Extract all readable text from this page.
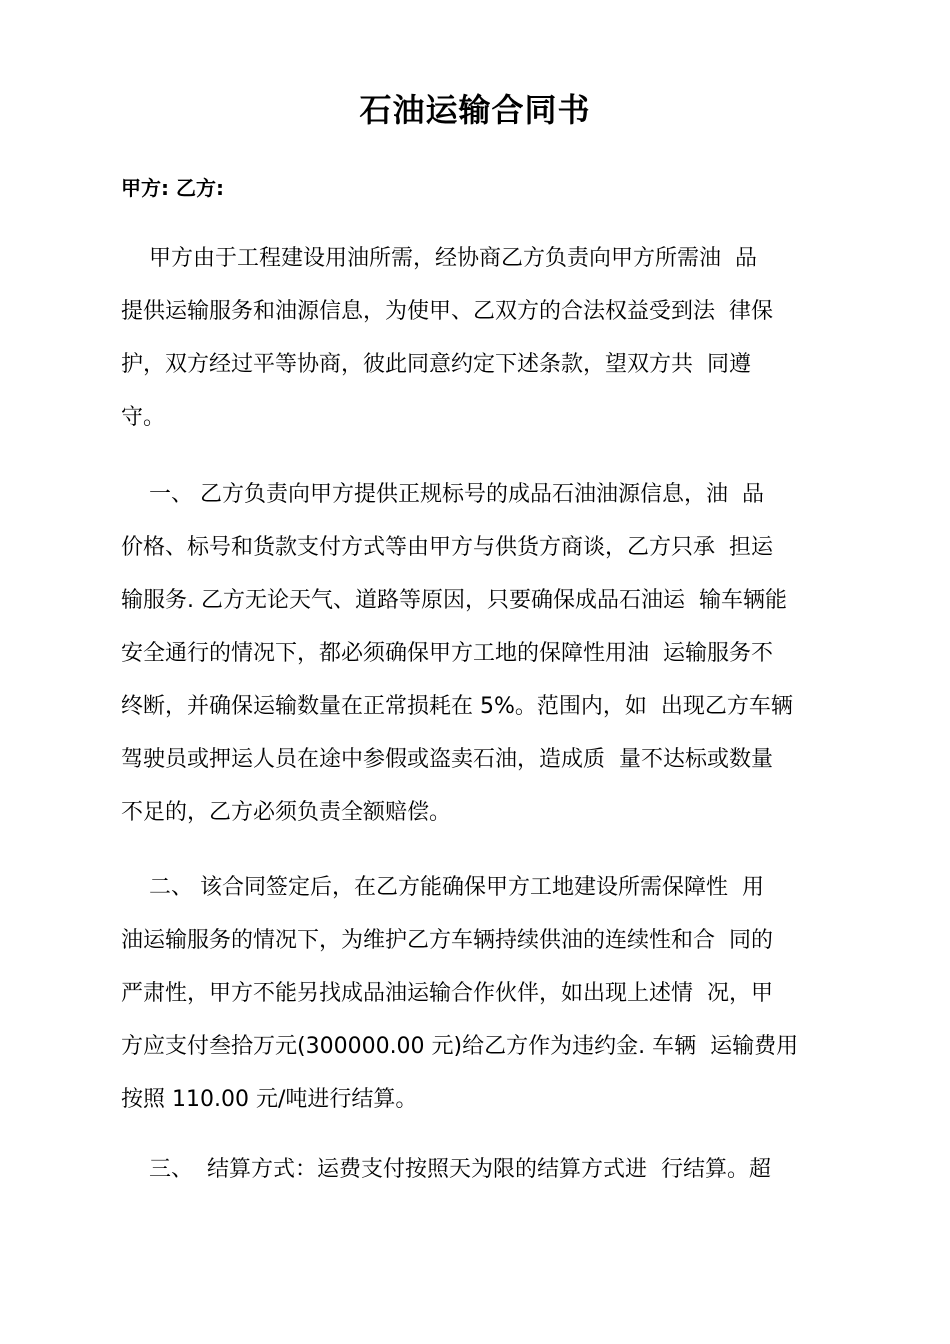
石油运输合同书
甲方: 乙方:
甲方由于工程建设用油所需，经协商乙方负责向甲方所需油  品
提供运输服务和油源信息，为使甲、乙双方的合法权益受到法  律保
护，双方经过平等协商，彼此同意约定下述条款，望双方共  同遵
守。
一、 乙方负责向甲方提供正规标号的成品石油油源信息，油  品
价格、标号和货款支付方式等由甲方与供货方商谈，乙方只承  担运
输服务. 乙方无论天气、道路等原因，只要确保成品石油运  输车辆能
安全通行的情况下，都必须确保甲方工地的保障性用油  运输服务不
终断，并确保运输数量在正常损耗在 5%。范围内，如  出现乙方车辆
驾驶员或押运人员在途中参假或盗卖石油，造成质  量不达标或数量
不足的，乙方必须负责全额赔偿。
二、 该合同签定后，在乙方能确保甲方工地建设所需保障性  用
油运输服务的情况下，为维护乙方车辆持续供油的连续性和合  同的
严肃性，甲方不能另找成品油运输合作伙伴，如出现上述情  况，甲
方应支付叁拾万元(300000.00 元)给乙方作为违约金. 车辆  运输费用
按照 110.00 元/吨进行结算。
三、  结算方式：运费支付按照天为限的结算方式进  行结算。超
